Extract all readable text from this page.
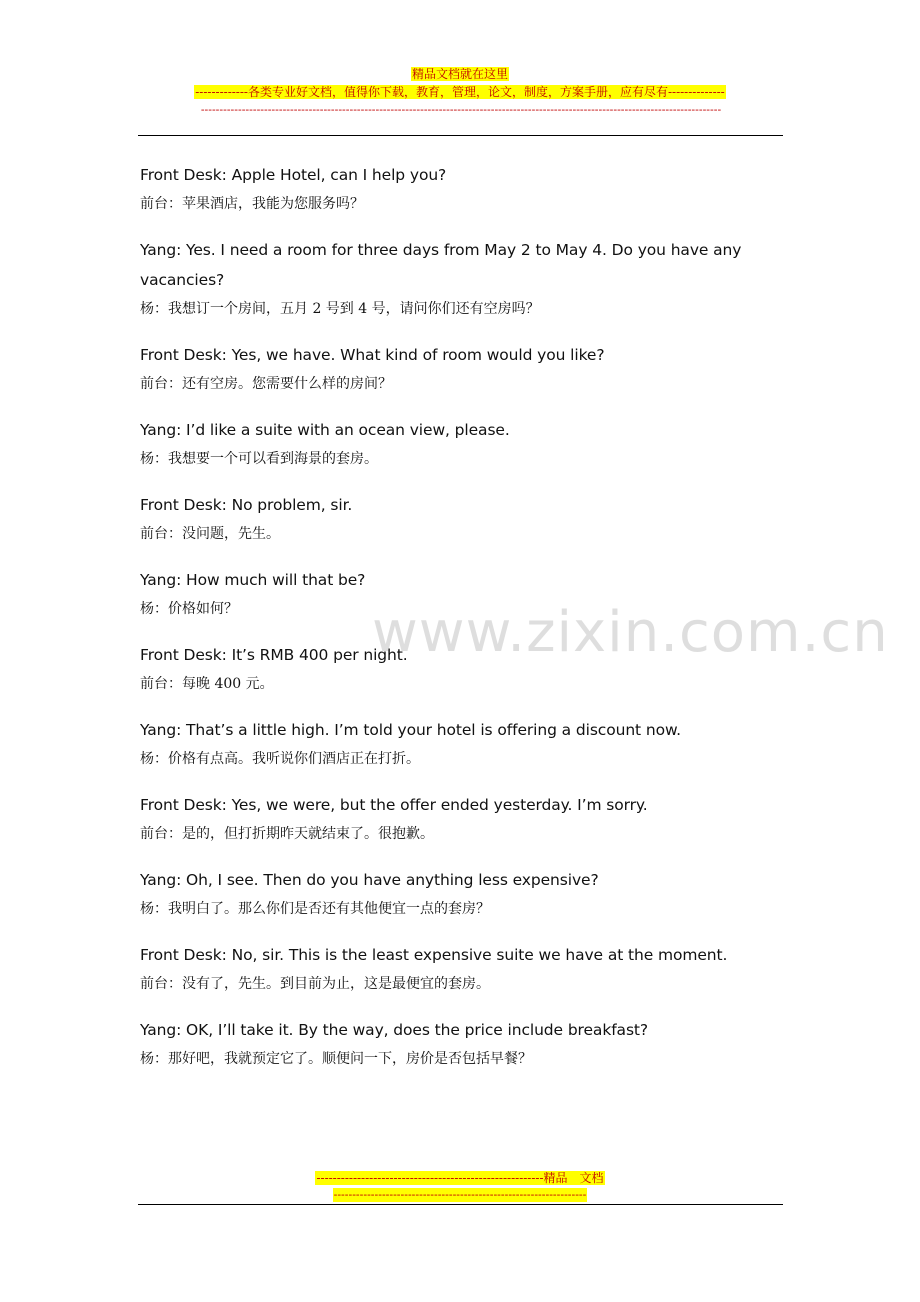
精品文档就在这里
-------------各类专业好文档，值得你下载，教育，管理，论文，制度，方案手册，应有尽有--------------
--------------------------------------------------------------------------------------------------------------------------------------------
Front Desk: Apple Hotel, can I help you?
前台：苹果酒店，我能为您服务吗？
Yang: Yes. I need a room for three days from May 2 to May 4. Do you have any vacancies?
杨：我想订一个房间，五月 2 号到 4 号，请问你们还有空房吗？
Front Desk: Yes, we have. What kind of room would you like?
前台：还有空房。您需要什么样的房间？
Yang: I’d like a suite with an ocean view, please.
杨：我想要一个可以看到海景的套房。
Front Desk: No problem, sir.
前台：没问题，先生。
Yang: How much will that be?
杨：价格如何？
Front Desk: It’s RMB 400 per night.
前台：每晚 400 元。
Yang: That’s a little high. I’m told your hotel is offering a discount now.
杨：价格有点高。我听说你们酒店正在打折。
Front Desk: Yes, we were, but the offer ended yesterday. I’m sorry.
前台：是的，但打折期昨天就结束了。很抱歉。
Yang: Oh, I see. Then do you have anything less expensive?
杨：我明白了。那么你们是否还有其他便宜一点的套房？
Front Desk: No, sir. This is the least expensive suite we have at the moment.
前台：没有了，先生。到目前为止，这是最便宜的套房。
Yang: OK, I’ll take it. By the way, does the price include breakfast?
杨：那好吧，我就预定它了。顺便问一下，房价是否包括早餐？
www.zixin.com.cn
--------------------------------------------------------精品　文档
--------------------------------------------------------------------
